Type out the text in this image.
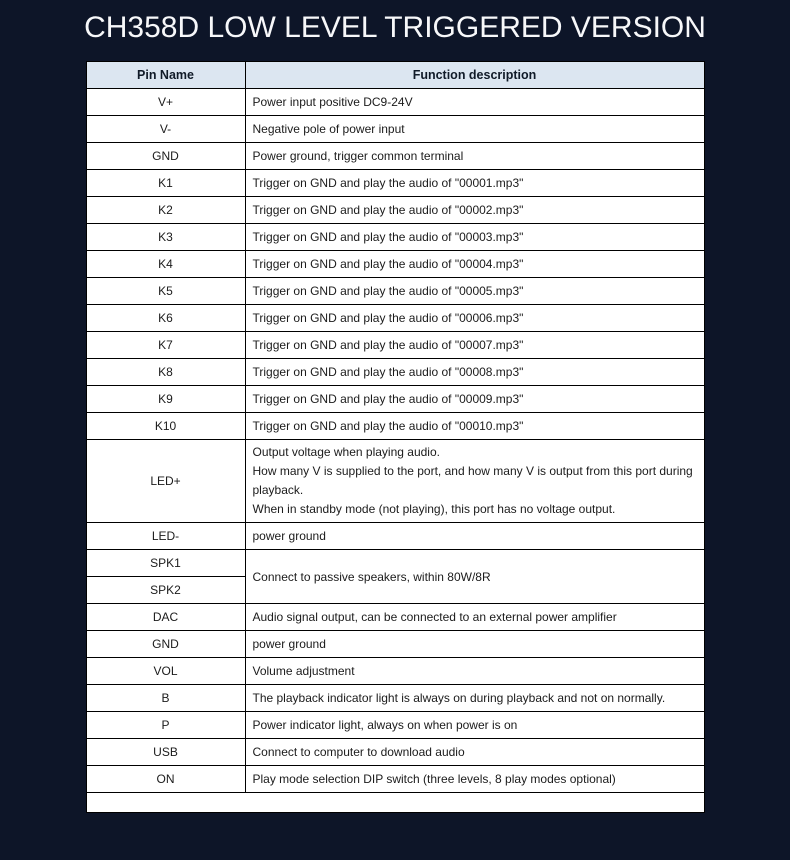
CH358D LOW LEVEL TRIGGERED VERSION
Pin Name	Function description
V+	Power input positive DC9-24V
V-	Negative pole of power input
GND	Power ground, trigger common terminal
K1	Trigger on GND and play the audio of "00001.mp3"
K2	Trigger on GND and play the audio of "00002.mp3"
K3	Trigger on GND and play the audio of "00003.mp3"
K4	Trigger on GND and play the audio of "00004.mp3"
K5	Trigger on GND and play the audio of "00005.mp3"
K6	Trigger on GND and play the audio of "00006.mp3"
K7	Trigger on GND and play the audio of "00007.mp3"
K8	Trigger on GND and play the audio of "00008.mp3"
K9	Trigger on GND and play the audio of "00009.mp3"
K10	Trigger on GND and play the audio of "00010.mp3"
LED+	Output voltage when playing audio.
How many V is supplied to the port, and how many V is output from this port during playback.
When in standby mode (not playing), this port has no voltage output.

LED-	power ground
SPK1	Connect to passive speakers, within 80W/8R
SPK2	
DAC	Audio signal output, can be connected to an external power amplifier
GND	power ground
VOL	Volume adjustment
B	The playback indicator light is always on during playback and not on normally.
P	Power indicator light, always on when power is on
USB	Connect to computer to download audio
ON	Play mode selection DIP switch (three levels, 8 play modes optional)
